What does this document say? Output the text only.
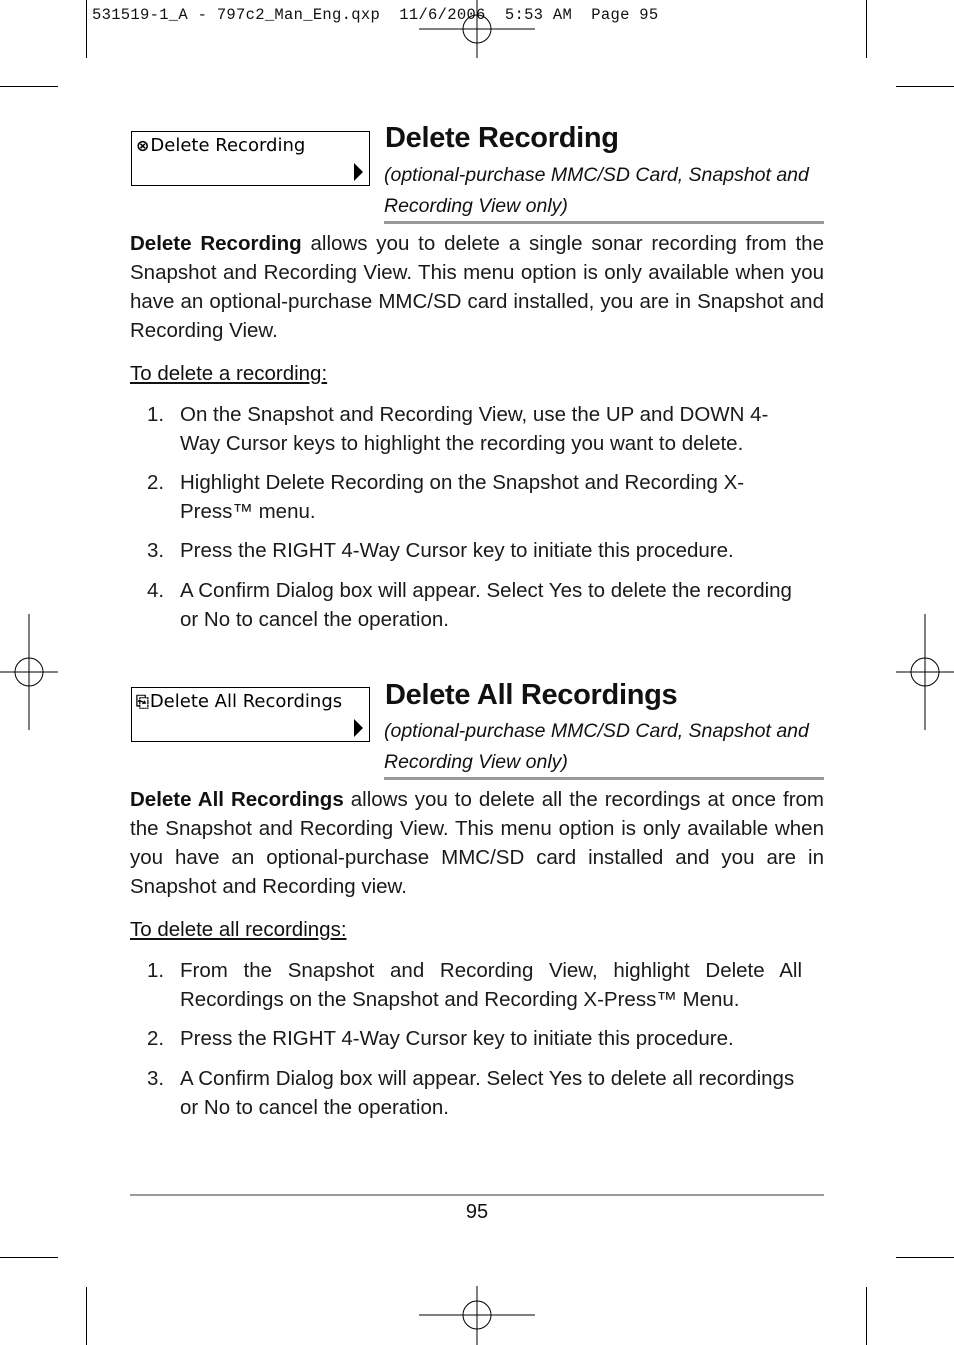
531519-1_A - 797c2_Man_Eng.qxp  11/6/2006  5:53 AM  Page 95
⊗Delete Recording	Delete Recording
(optional-purchase MMC/SD Card, Snapshot and
Recording View only)
Delete Recording allows you to delete a single sonar recording from the Snapshot and Recording View. This menu option is only available when you have an optional-purchase MMC/SD card installed, you are in Snapshot and Recording View.
To delete a recording:
1. On the Snapshot and Recording View, use the UP and DOWN 4-Way Cursor keys to highlight the recording you want to delete.
2. Highlight Delete Recording on the Snapshot and Recording X-Press™ menu.
3. Press the RIGHT 4-Way Cursor key to initiate this procedure.
4. A Confirm Dialog box will appear. Select Yes to delete the recording or No to cancel the operation.
⎘Delete All Recordings Delete All Recordings
(optional-purchase MMC/SD Card, Snapshot and
Recording View only)
Delete All Recordings allows you to delete all the recordings at once from the Snapshot and Recording View. This menu option is only available when you have an optional-purchase MMC/SD card installed and you are in Snapshot and Recording view.
To delete all recordings:
1. From the Snapshot and Recording View, highlight Delete All Recordings on the Snapshot and Recording X-Press™ Menu.
2. Press the RIGHT 4-Way Cursor key to initiate this procedure.
3. A Confirm Dialog box will appear. Select Yes to delete all recordings or No to cancel the operation.
95
